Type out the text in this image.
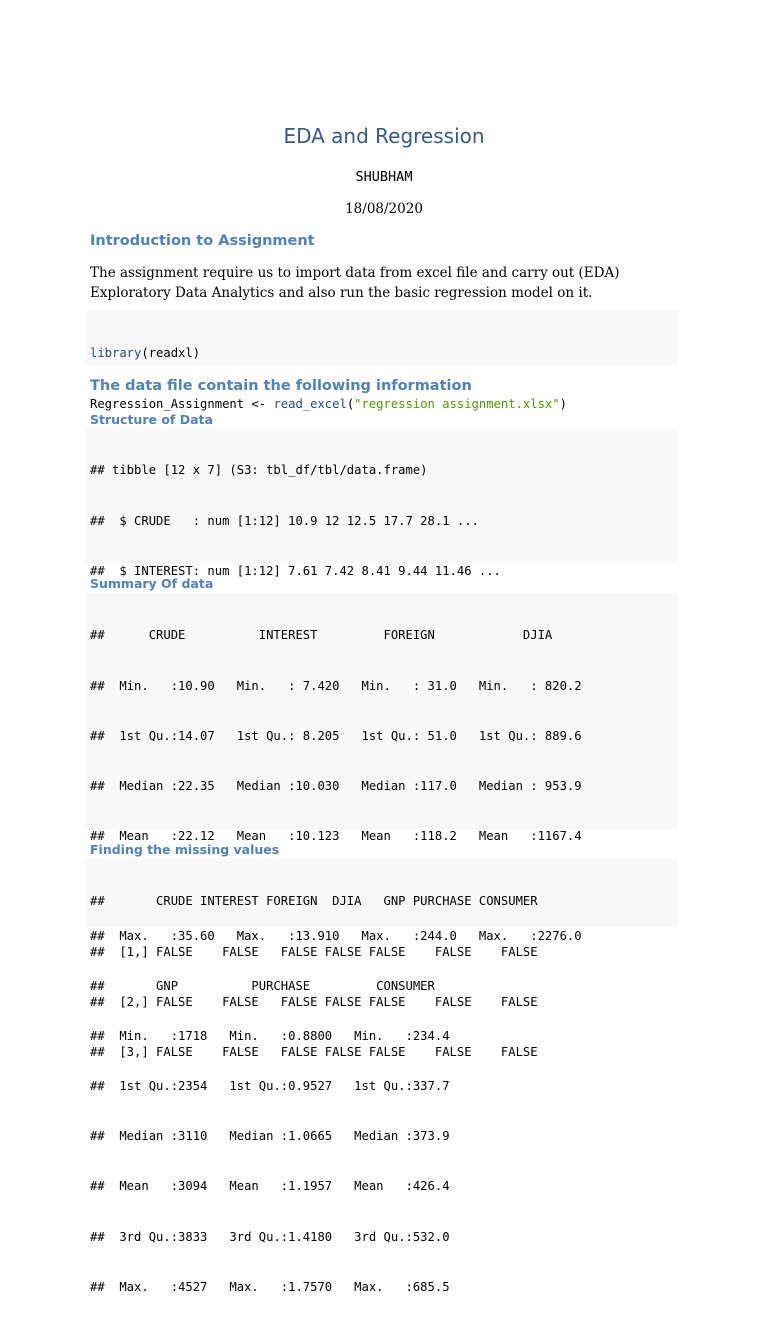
EDA and Regression
SHUBHAM
18/08/2020
Introduction to Assignment
The assignment require us to import data from excel file and carry out (EDA) Exploratory Data Analytics and also run the basic regression model on it.

library(readxl)

Regression_Assignment <- read_excel("regression assignment.xlsx")

The data file contain the following information
Structure of Data

## tibble [12 x 7] (S3: tbl_df/tbl/data.frame)

##  $ CRUDE   : num [1:12] 10.9 12 12.5 17.7 28.1 ...

##  $ INTEREST: num [1:12] 7.61 7.42 8.41 9.44 11.46 ...

Summary Of data

##      CRUDE          INTEREST         FOREIGN            DJIA

##  Min.   :10.90   Min.   : 7.420   Min.   : 31.0   Min.   : 820.2

##  1st Qu.:14.07   1st Qu.: 8.205   1st Qu.: 51.0   1st Qu.: 889.6

##  Median :22.35   Median :10.030   Median :117.0   Median : 953.9

##  Mean   :22.12   Mean   :10.123   Mean   :118.2   Mean   :1167.4

##  Max.   :35.60   Max.   :13.910   Max.   :244.0   Max.   :2276.0

##       GNP          PURCHASE         CONSUMER

##  Min.   :1718   Min.   :0.8800   Min.   :234.4

##  1st Qu.:2354   1st Qu.:0.9527   1st Qu.:337.7

##  Median :3110   Median :1.0665   Median :373.9

##  Mean   :3094   Mean   :1.1957   Mean   :426.4

##  3rd Qu.:3833   3rd Qu.:1.4180   3rd Qu.:532.0

##  Max.   :4527   Max.   :1.7570   Max.   :685.5

Finding the missing values

##       CRUDE INTEREST FOREIGN  DJIA   GNP PURCHASE CONSUMER

##  [1,] FALSE    FALSE   FALSE FALSE FALSE    FALSE    FALSE

##  [2,] FALSE    FALSE   FALSE FALSE FALSE    FALSE    FALSE

##  [3,] FALSE    FALSE   FALSE FALSE FALSE    FALSE    FALSE
